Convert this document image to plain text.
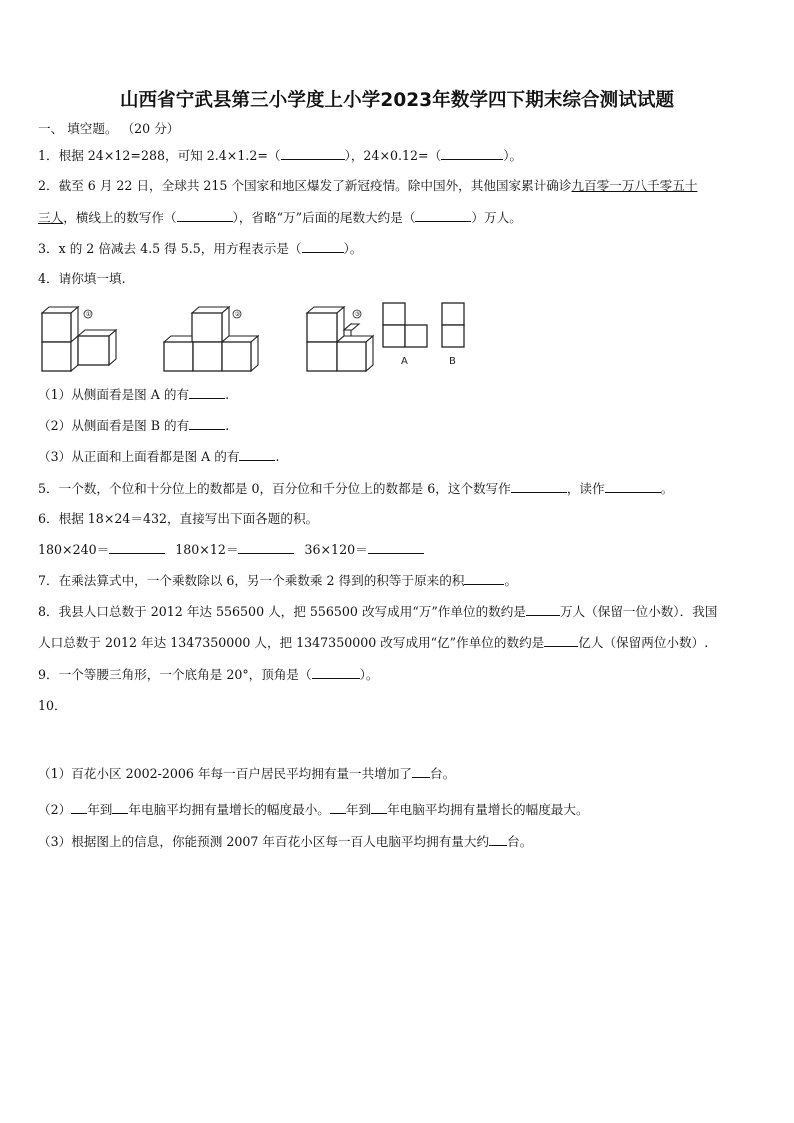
山西省宁武县第三小学度上小学2023年数学四下期末综合测试试题
一、 填空题。 （20 分）
1．根据 24×12=288，可知 2.4×1.2=（	），24×0.12=（	）。
2．截至 6 月 22 日，全球共 215 个国家和地区爆发了新冠疫情。除中国外，其他国家累计确诊九百零一万八千零五十
三人，横线上的数写作（	），省略“万”后面的尾数大约是（	）万人。
3．x 的 2 倍减去 4.5 得 5.5，用方程表示是（	）。
4．请你填一填.
①	②	③
A	B
（1）从侧面看是图 A 的有	.
（2）从侧面看是图 B 的有	.
（3）从正面和上面看都是图 A 的有	.
5．一个数，个位和十分位上的数都是 0，百分位和千分位上的数都是 6，这个数写作	，读作	。
6．根据 18×24＝432，直接写出下面各题的积。
180×240＝	180×12＝	36×120＝
7．在乘法算式中，一个乘数除以 6，另一个乘数乘 2 得到的积等于原来的积	。
8．我县人口总数于 2012 年达 556500 人，把 556500 改写成用“万”作单位的数约是	万人（保留一位小数）．我国
人口总数于 2012 年达 1347350000 人，把 1347350000 改写成用“亿”作单位的数约是	亿人（保留两位小数）.
9．一个等腰三角形，一个底角是 20°，顶角是（	）。
10．
（1）百花小区 2002-2006 年每一百户居民平均拥有量一共增加了 台。
（2） 年到 年电脑平均拥有量增长的幅度最小。 年到 年电脑平均拥有量增长的幅度最大。
（3）根据图上的信息，你能预测 2007 年百花小区每一百人电脑平均拥有量大约 台。
